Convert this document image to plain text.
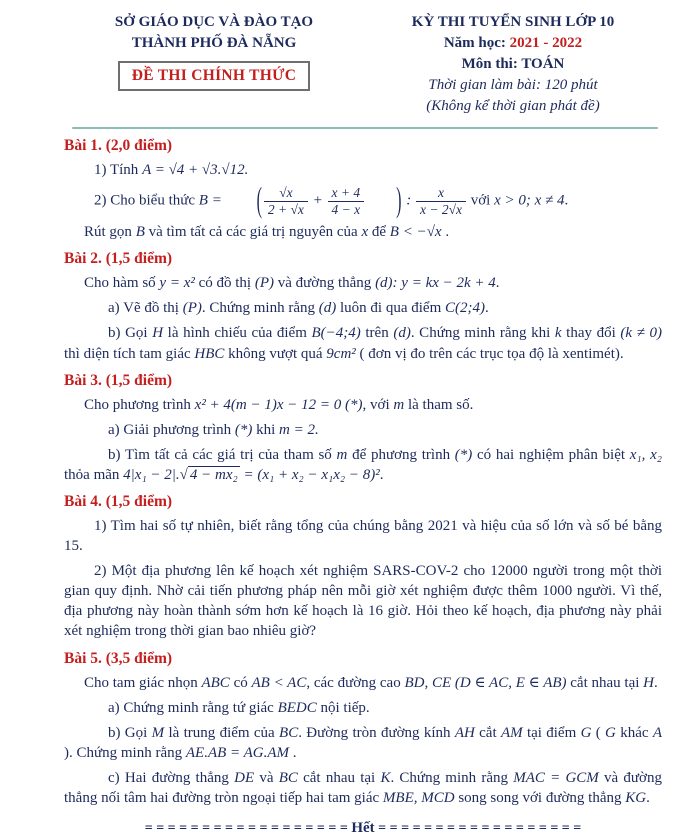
SỞ GIÁO DỤC VÀ ĐÀO TẠO
THÀNH PHỐ ĐÀ NẴNG
ĐỀ THI CHÍNH THỨC
KỲ THI TUYỂN SINH LỚP 10
Năm học: 2021 - 2022
Môn thi: TOÁN
Thời gian làm bài: 120 phút
(Không kể thời gian phát đề)
Bài 1. (2,0 điểm)

1) Tính A = √4 + √3.√12.

2) Cho biểu thức B = ( $\frac{√x}{2 + √x} + \frac{x + 4}{4 - x}$ ) : $\frac{x}{x - 2√x}$ với x > 0; x ≠ 4.

Rút gọn B và tìm tất cả các giá trị nguyên của x để B < −√x .

Bài 2. (1,5 điểm)

Cho hàm số y = x² có đồ thị (P) và đường thẳng (d): y = kx − 2k + 4.

a) Vẽ đồ thị (P). Chứng minh rằng (d) luôn đi qua điểm C(2;4).

b) Gọi H là hình chiếu của điểm B(−4;4) trên (d). Chứng minh rằng khi k thay đổi (k ≠ 0) thì diện tích tam giác HBC không vượt quá 9cm² ( đơn vị đo trên các trục tọa độ là xentimét).

Bài 3. (1,5 điểm)

Cho phương trình x² + 4(m − 1)x − 12 = 0 (*), với m là tham số.

a) Giải phương trình (*) khi m = 2.

b) Tìm tất cả các giá trị của tham số m để phương trình (*) có hai nghiệm phân biệt x₁, x₂ thỏa mãn 4|x₁ − 2|.√ 4 − mx₂ = (x₁ + x₂ − x₁x₂ − 8)².

Bài 4. (1,5 điểm)

1) Tìm hai số tự nhiên, biết rằng tổng của chúng bằng 2021 và hiệu của số lớn và số bé bằng 15.

2) Một địa phương lên kế hoạch xét nghiệm SARS-COV-2 cho 12000 người trong một thời gian quy định. Nhờ cải tiến phương pháp nên mỗi giờ xét nghiệm được thêm 1000 người. Vì thế, địa phương này hoàn thành sớm hơn kế hoạch là 16 giờ. Hỏi theo kế hoạch, địa phương này phải xét nghiệm trong thời gian bao nhiêu giờ?

Bài 5. (3,5 điểm)

Cho tam giác nhọn ABC có AB < AC, các đường cao BD, CE (D ∈ AC, E ∈ AB) cắt nhau tại H.

a) Chứng minh rằng tứ giác BEDC nội tiếp.

b) Gọi M là trung điểm của BC. Đường tròn đường kính AH cắt AM tại điểm G ( G khác A ). Chứng minh rằng AE.AB = AG.AM .

c) Hai đường thẳng DE và BC cắt nhau tại K. Chứng minh rằng MAC = GCM và đường thẳng nối tâm hai đường tròn ngoại tiếp hai tam giác MBE, MCD song song với đường thẳng KG.

= = = = = = = = = = = = = = = = = = Hết = = = = = = = = = = = = = = = = = =
